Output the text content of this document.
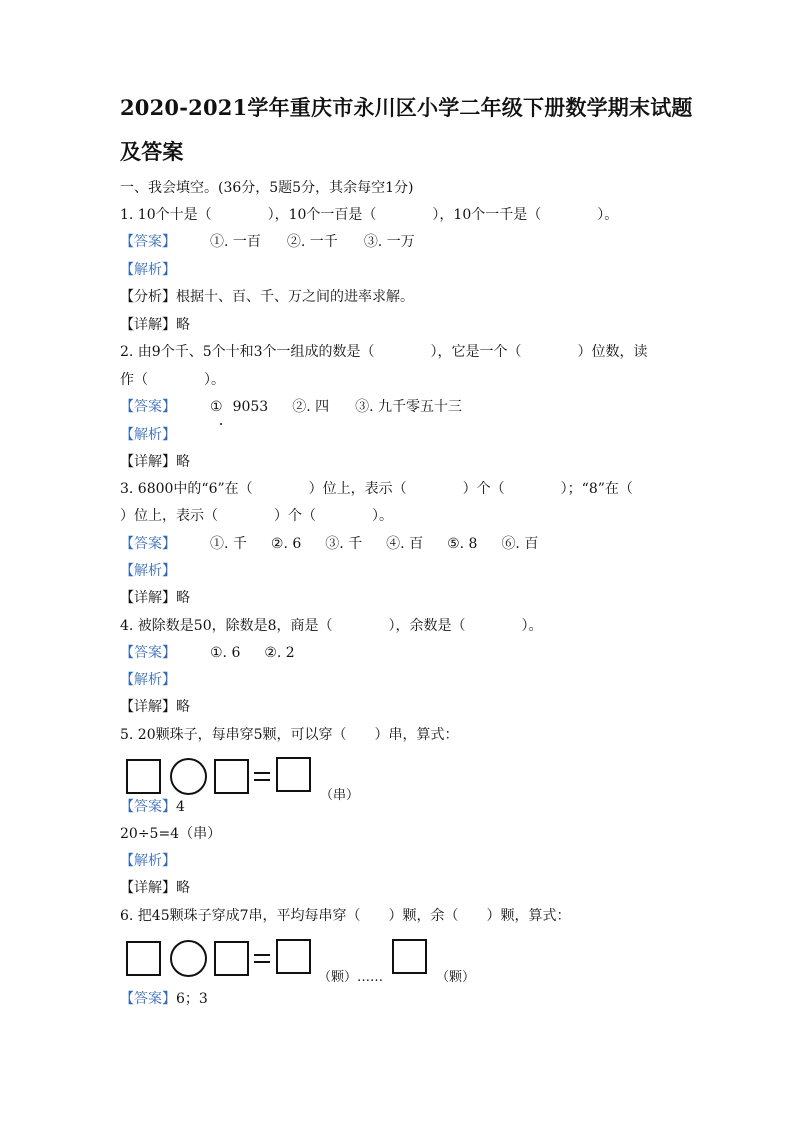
2020-2021学年重庆市永川区小学二年级下册数学期末试题
及答案
一、我会填空。(36分，5题5分，其余每空1分)
1. 10个十是（　　　　），10个一百是（　　　　），10个一千是（　　　　）。
【答案】 ①. 一百 ②. 一千 ③. 一万
【解析】
【分析】根据十、百、千、万之间的进率求解。
【详解】略
2. 由9个千、5个十和3个一组成的数是（　　　　），它是一个（　　　　）位数，读
作（　　　　）。
【答案】 ① 9053 ②. 四 ③. 九千零五十三
【解析】
【详解】略
3. 6800中的“6”在（　　　　）位上，表示（　　　　）个（　　　　）；“8”在（
）位上，表示（　　　　）个（　　　　）。
【答案】 ①. 千 ②. 6 ③. 千 ④. 百 ⑤. 8 ⑥. 百
【解析】
【详解】略
4. 被除数是50，除数是8，商是（　　　　），余数是（　　　　）。
【答案】 ①. 6 ②. 2
【解析】
【详解】略
5. 20颗珠子，每串穿5颗，可以穿（　　）串，算式：
（串）
【答案】4
20÷5=4（串）
【解析】
【详解】略
6. 把45颗珠子穿成7串，平均每串穿（　　）颗，余（　　）颗，算式：
（颗）……	（颗）
【答案】6；3
